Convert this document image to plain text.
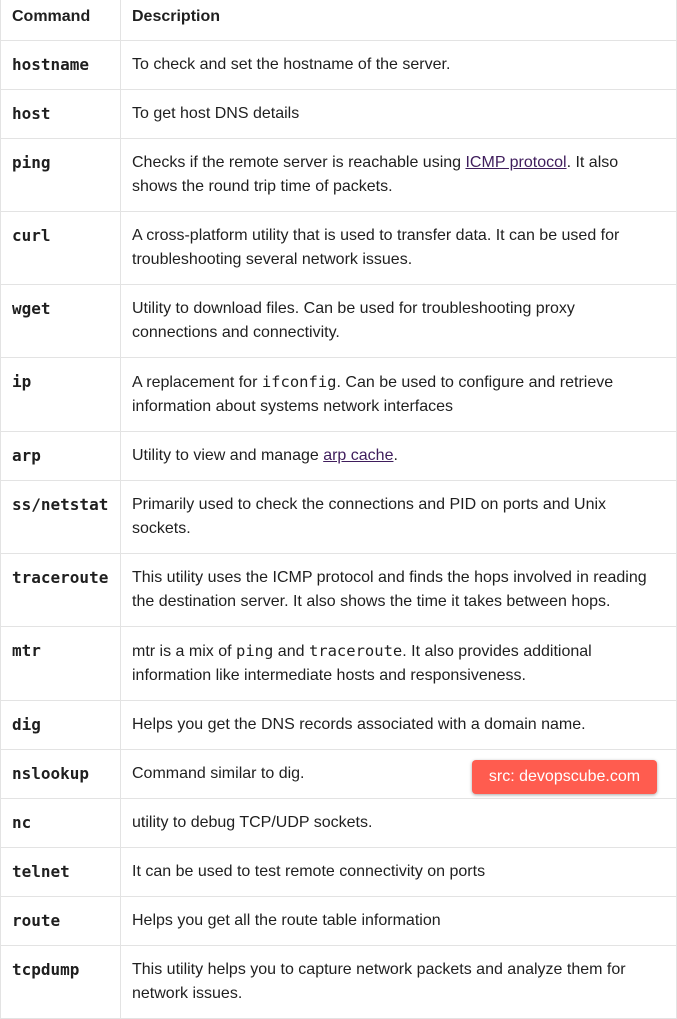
Command	Description
hostname	To check and set the hostname of the server.
host	To get host DNS details
ping	Checks if the remote server is reachable using ICMP protocol. It also shows the round trip time of packets.
curl	A cross-platform utility that is used to transfer data. It can be used for troubleshooting several network issues.
wget	Utility to download files. Can be used for troubleshooting proxy connections and connectivity.
ip	A replacement for ifconfig. Can be used to configure and retrieve information about systems network interfaces
arp	Utility to view and manage arp cache.
ss/netstat	Primarily used to check the connections and PID on ports and Unix sockets.
traceroute	This utility uses the ICMP protocol and finds the hops involved in reading the destination server. It also shows the time it takes between hops.
mtr	mtr is a mix of ping and traceroute. It also provides additional information like intermediate hosts and responsiveness.
dig	Helps you get the DNS records associated with a domain name.
nslookup	Command similar to dig.
nc	utility to debug TCP/UDP sockets.
telnet	It can be used to test remote connectivity on ports
route	Helps you get all the route table information
tcpdump	This utility helps you to capture network packets and analyze them for network issues.
src: devopscube.com
